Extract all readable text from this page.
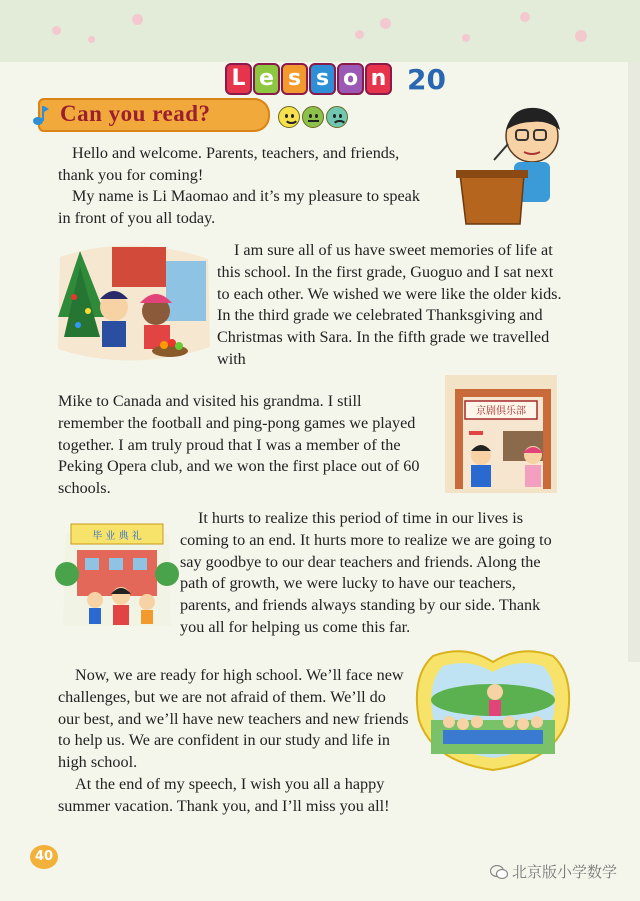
L e s s o n 20
Can you read?

Hello and welcome. Parents, teachers, and friends, thank you for coming!

My name is Li Maomao and it’s my pleasure to speak in front of you all today.

I am sure all of us have sweet memories of life at this school. In the first grade, Guoguo and I sat next to each other. We wished we were like the older kids. In the third grade we celebrated Thanksgiving and Christmas with Sara. In the fifth grade we travelled with

京剧俱乐部

Mike to Canada and visited his grandma. I still remember the football and ping-pong games we played together. I am truly proud that I was a member of the Peking Opera club, and we won the first place out of 60 schools.

毕 业 典 礼

It hurts to realize this period of time in our lives is coming to an end. It hurts more to realize we are going to say goodbye to our dear teachers and friends. Along the path of growth, we were lucky to have our teachers, parents, and friends always standing by our side. Thank you all for helping us come this far.

Now, we are ready for high school. We’ll face new challenges, but we are not afraid of them. We’ll do our best, and we’ll have new teachers and new friends to help us. We are confident in our study and life in high school.

At the end of my speech, I wish you all a happy summer vacation. Thank you, and I’ll miss you all!

40
北京版小学数学
